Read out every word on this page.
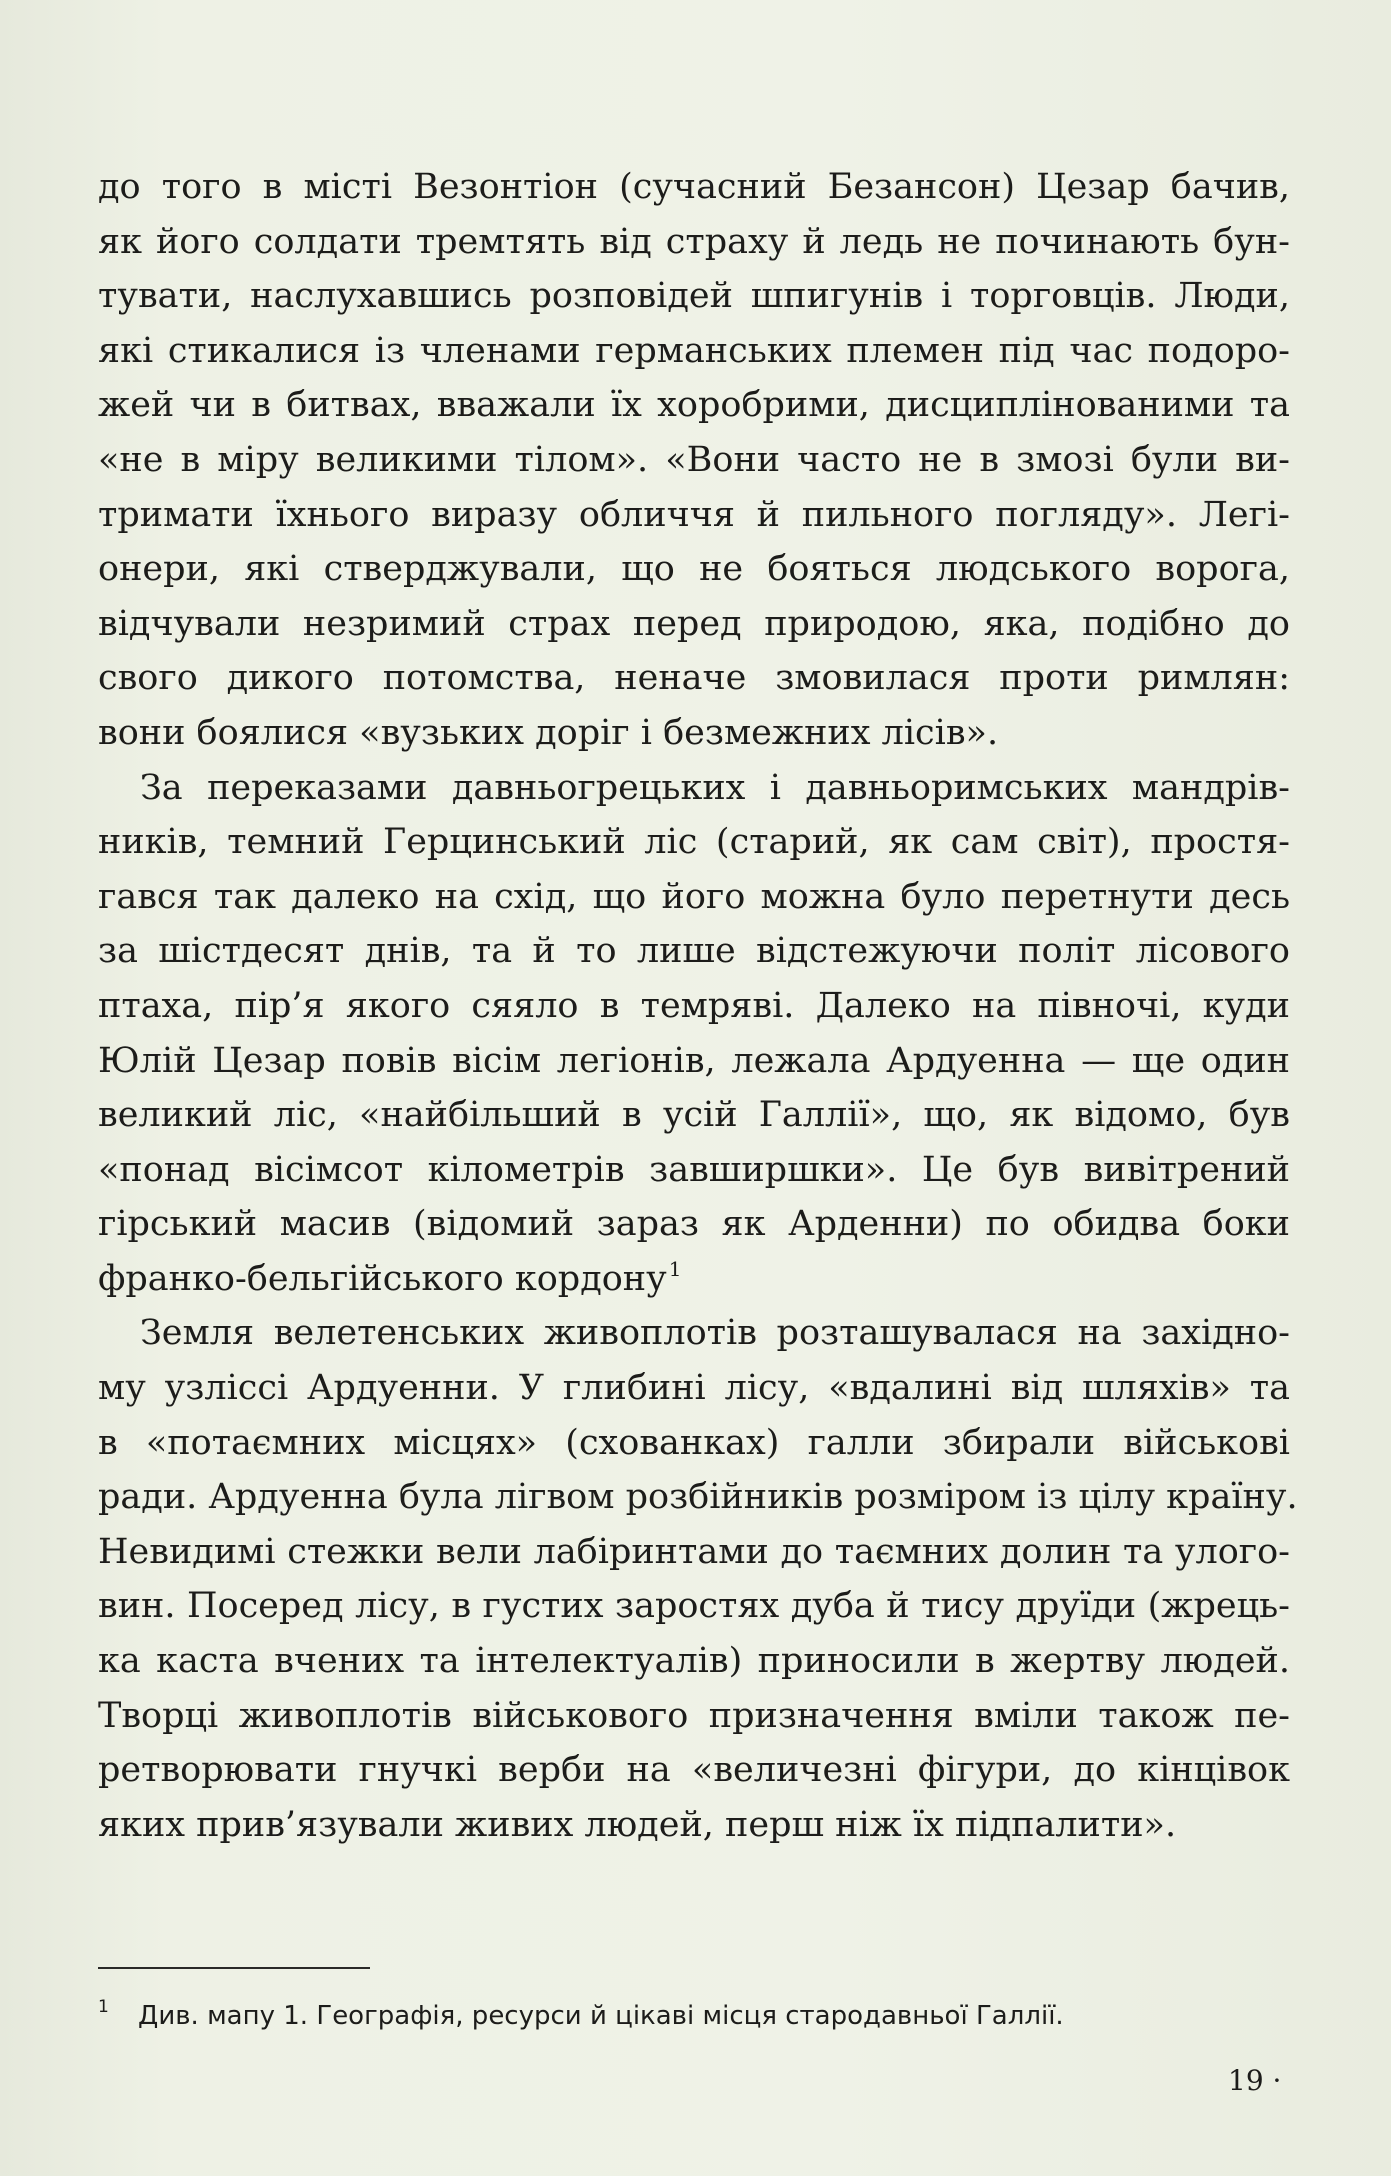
до того в місті Везонтіон (сучасний Безансон) Цезар бачив,
як його солдати тремтять від страху й ледь не починають бун-
тувати, наслухавшись розповідей шпигунів і торговців. Люди,
які стикалися із членами германських племен під час подоро-
жей чи в битвах, вважали їх хоробрими, дисциплінованими та
«не в міру великими тілом». «Вони часто не в змозі були ви-
тримати їхнього виразу обличчя й пильного погляду». Легі-
онери, які стверджували, що не бояться людського ворога,
відчували незримий страх перед природою, яка, подібно до
свого дикого потомства, неначе змовилася проти римлян:
вони боялися «вузьких доріг і безмежних лісів».
За переказами давньогрецьких і давньоримських мандрів-
ників, темний Герцинський ліс (старий, як сам світ), простя-
гався так далеко на схід, що його можна було перетнути десь
за шістдесят днів, та й то лише відстежуючи політ лісового
птаха, пір’я якого сяяло в темряві. Далеко на півночі, куди
Юлій Цезар повів вісім легіонів, лежала Ардуенна — ще один
великий ліс, «найбільший в усій Галлії», що, як відомо, був
«понад вісімсот кілометрів завширшки». Це був вивітрений
гірський масив (відомий зараз як Арденни) по обидва боки
франко-бельгійського кордону $^1$
Земля велетенських живоплотів розташувалася на західно-
му узліссі Ардуенни. У глибині лісу, «вдалині від шляхів» та
в «потаємних місцях» (схованках) галли збирали військові
ради. Ардуенна була лігвом розбійників розміром із цілу країну.
Невидимі стежки вели лабіринтами до таємних долин та улого-
вин. Посеред лісу, в густих заростях дуба й тису друїди (жрець-
ка каста вчених та інтелектуалів) приносили в жертву людей.
Творці живоплотів військового призначення вміли також пе-
ретворювати гнучкі верби на «величезні фігури, до кінцівок
яких прив’язували живих людей, перш ніж їх підпалити».
1 Див. мапу 1. Географія, ресурси й цікаві місця стародавньої Галлії.
19 ·
